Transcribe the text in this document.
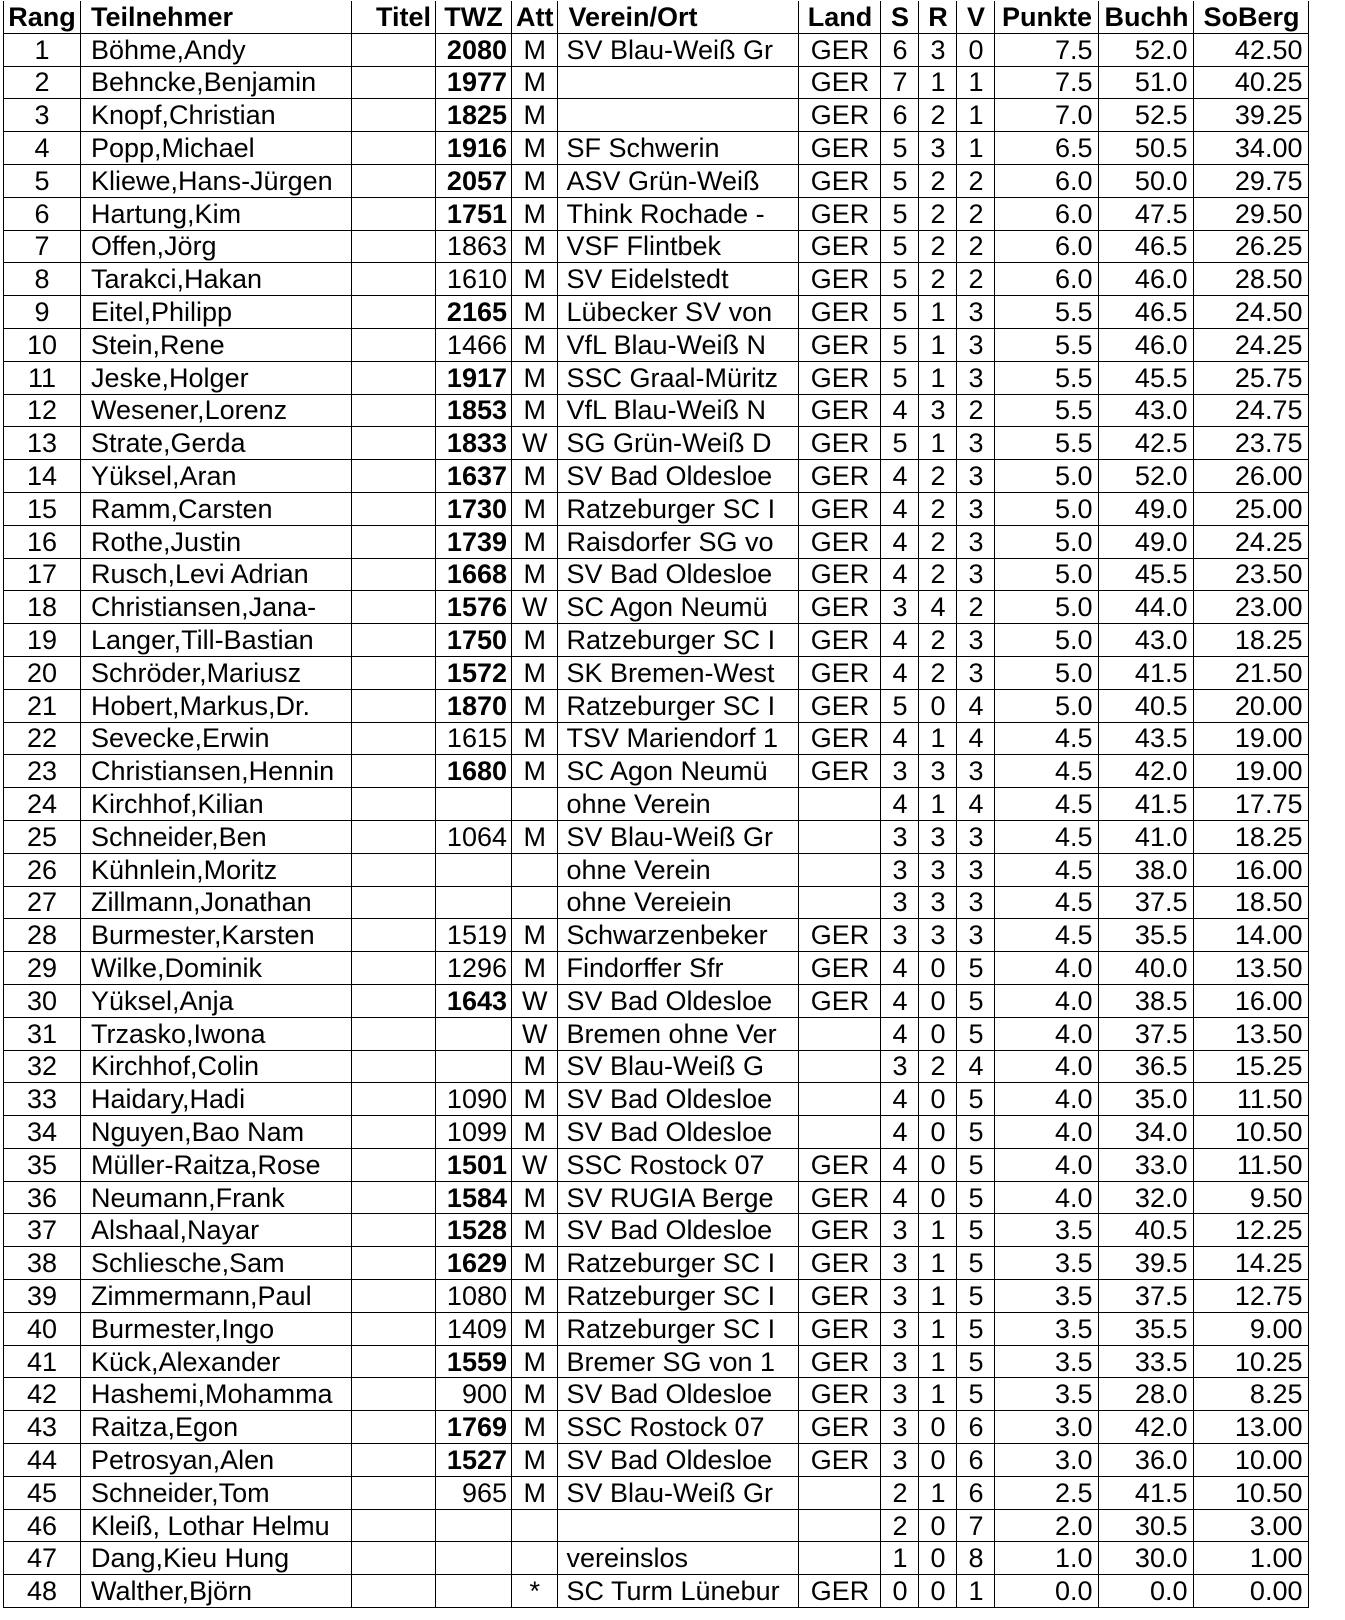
Rang	Teilnehmer	Titel	TWZ	Att	Verein/Ort	Land	S	R	V	Punkte	Buchh	SoBerg
1	Böhme,Andy		2080	M	SV Blau-Weiß Gr	GER	6	3	0	7.5	52.0	42.50
2	Behncke,Benjamin		1977	M		GER	7	1	1	7.5	51.0	40.25
3	Knopf,Christian		1825	M		GER	6	2	1	7.0	52.5	39.25
4	Popp,Michael		1916	M	SF Schwerin	GER	5	3	1	6.5	50.5	34.00
5	Kliewe,Hans-Jürgen		2057	M	ASV Grün-Weiß	GER	5	2	2	6.0	50.0	29.75
6	Hartung,Kim		1751	M	Think Rochade -	GER	5	2	2	6.0	47.5	29.50
7	Offen,Jörg		1863	M	VSF Flintbek	GER	5	2	2	6.0	46.5	26.25
8	Tarakci,Hakan		1610	M	SV Eidelstedt	GER	5	2	2	6.0	46.0	28.50
9	Eitel,Philipp		2165	M	Lübecker SV von	GER	5	1	3	5.5	46.5	24.50
10	Stein,Rene		1466	M	VfL Blau-Weiß N	GER	5	1	3	5.5	46.0	24.25
11	Jeske,Holger		1917	M	SSC Graal-Müritz	GER	5	1	3	5.5	45.5	25.75
12	Wesener,Lorenz		1853	M	VfL Blau-Weiß N	GER	4	3	2	5.5	43.0	24.75
13	Strate,Gerda		1833	W	SG Grün-Weiß D	GER	5	1	3	5.5	42.5	23.75
14	Yüksel,Aran		1637	M	SV Bad Oldesloe	GER	4	2	3	5.0	52.0	26.00
15	Ramm,Carsten		1730	M	Ratzeburger SC I	GER	4	2	3	5.0	49.0	25.00
16	Rothe,Justin		1739	M	Raisdorfer SG vo	GER	4	2	3	5.0	49.0	24.25
17	Rusch,Levi Adrian		1668	M	SV Bad Oldesloe	GER	4	2	3	5.0	45.5	23.50
18	Christiansen,Jana-		1576	W	SC Agon Neumü	GER	3	4	2	5.0	44.0	23.00
19	Langer,Till-Bastian		1750	M	Ratzeburger SC I	GER	4	2	3	5.0	43.0	18.25
20	Schröder,Mariusz		1572	M	SK Bremen-West	GER	4	2	3	5.0	41.5	21.50
21	Hobert,Markus,Dr.		1870	M	Ratzeburger SC I	GER	5	0	4	5.0	40.5	20.00
22	Sevecke,Erwin		1615	M	TSV Mariendorf 1	GER	4	1	4	4.5	43.5	19.00
23	Christiansen,Hennin		1680	M	SC Agon Neumü	GER	3	3	3	4.5	42.0	19.00
24	Kirchhof,Kilian				ohne Verein		4	1	4	4.5	41.5	17.75
25	Schneider,Ben		1064	M	SV Blau-Weiß Gr		3	3	3	4.5	41.0	18.25
26	Kühnlein,Moritz				ohne Verein		3	3	3	4.5	38.0	16.00
27	Zillmann,Jonathan				ohne Vereiein		3	3	3	4.5	37.5	18.50
28	Burmester,Karsten		1519	M	Schwarzenbeker	GER	3	3	3	4.5	35.5	14.00
29	Wilke,Dominik		1296	M	Findorffer Sfr	GER	4	0	5	4.0	40.0	13.50
30	Yüksel,Anja		1643	W	SV Bad Oldesloe	GER	4	0	5	4.0	38.5	16.00
31	Trzasko,Iwona			W	Bremen ohne Ver		4	0	5	4.0	37.5	13.50
32	Kirchhof,Colin			M	SV Blau-Weiß G		3	2	4	4.0	36.5	15.25
33	Haidary,Hadi		1090	M	SV Bad Oldesloe		4	0	5	4.0	35.0	11.50
34	Nguyen,Bao Nam		1099	M	SV Bad Oldesloe		4	0	5	4.0	34.0	10.50
35	Müller-Raitza,Rose		1501	W	SSC Rostock 07	GER	4	0	5	4.0	33.0	11.50
36	Neumann,Frank		1584	M	SV RUGIA Berge	GER	4	0	5	4.0	32.0	9.50
37	Alshaal,Nayar		1528	M	SV Bad Oldesloe	GER	3	1	5	3.5	40.5	12.25
38	Schliesche,Sam		1629	M	Ratzeburger SC I	GER	3	1	5	3.5	39.5	14.25
39	Zimmermann,Paul		1080	M	Ratzeburger SC I	GER	3	1	5	3.5	37.5	12.75
40	Burmester,Ingo		1409	M	Ratzeburger SC I	GER	3	1	5	3.5	35.5	9.00
41	Kück,Alexander		1559	M	Bremer SG von 1	GER	3	1	5	3.5	33.5	10.25
42	Hashemi,Mohamma		900	M	SV Bad Oldesloe	GER	3	1	5	3.5	28.0	8.25
43	Raitza,Egon		1769	M	SSC Rostock 07	GER	3	0	6	3.0	42.0	13.00
44	Petrosyan,Alen		1527	M	SV Bad Oldesloe	GER	3	0	6	3.0	36.0	10.00
45	Schneider,Tom		965	M	SV Blau-Weiß Gr		2	1	6	2.5	41.5	10.50
46	Kleiß, Lothar Helmu						2	0	7	2.0	30.5	3.00
47	Dang,Kieu Hung				vereinslos		1	0	8	1.0	30.0	1.00
48	Walther,Björn			*	SC Turm Lünebur	GER	0	0	1	0.0	0.0	0.00
